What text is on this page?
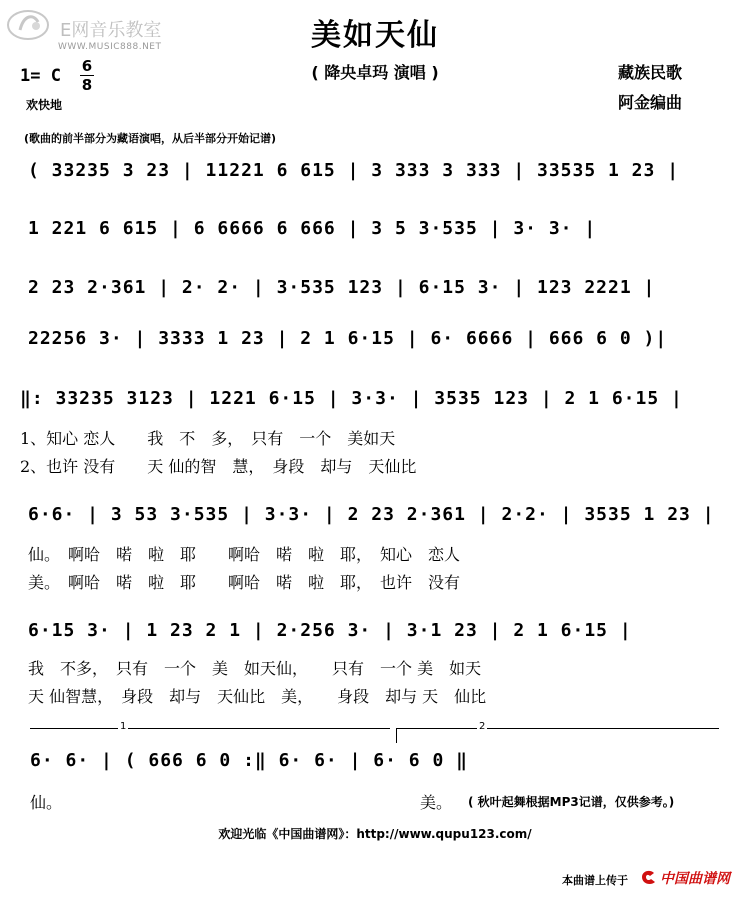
E网音乐教室
WWW.MUSIC888.NET	美如天仙
( 降央卓玛 演唱 )	藏族民歌
阿金编曲
1= C 6
8
欢快地
(歌曲的前半部分为藏语演唱，从后半部分开始记谱)
( 33235 3 23 | 11221 6 615 | 3 333 3 333 | 33535 1 23 |
1 221 6 615 | 6 6666 6 666 | 3 5 3·535 | 3· 3· |
2 23 2·361 | 2· 2· | 3·535 123 | 6·15 3· | 123 2221 |
22256 3· | 3333 1 23 | 2 1 6·15 | 6· 6666 | 666 6 0 )|
‖: 33235 3123 | 1221 6·15 | 3·3· | 3535 123 | 2 1 6·15 |
1、知心 恋人　　我　不　多，　只有　一个　美如天
2、也许 没有　　天 仙的智　慧，　身段　却与　天仙比
6·6· | 3 53 3·535 | 3·3· | 2 23 2·361 | 2·2· | 3535 1 23 |
仙。　啊哈　喏　啦　耶　　啊哈　喏　啦　耶，　知心　恋人
美。　啊哈　喏　啦　耶　　啊哈　喏　啦　耶，　也许　没有
6·15 3· | 1 23 2 1 | 2·256 3· | 3·1 23 | 2 1 6·15 |
我　不多，　只有　一个　美　如天仙，　　只有　一个 美　如天
天 仙智慧，　身段　却与　天仙比　美，　　身段　却与 天　仙比
1	2
6· 6· | ( 666 6 0 :‖ 6· 6· | 6· 6 0 ‖
仙。	美。 ( 秋叶起舞根据MP3记谱，仅供参考。)
欢迎光临《中国曲谱网》：http://www.qupu123.com/
本曲谱上传于 中国曲谱网
